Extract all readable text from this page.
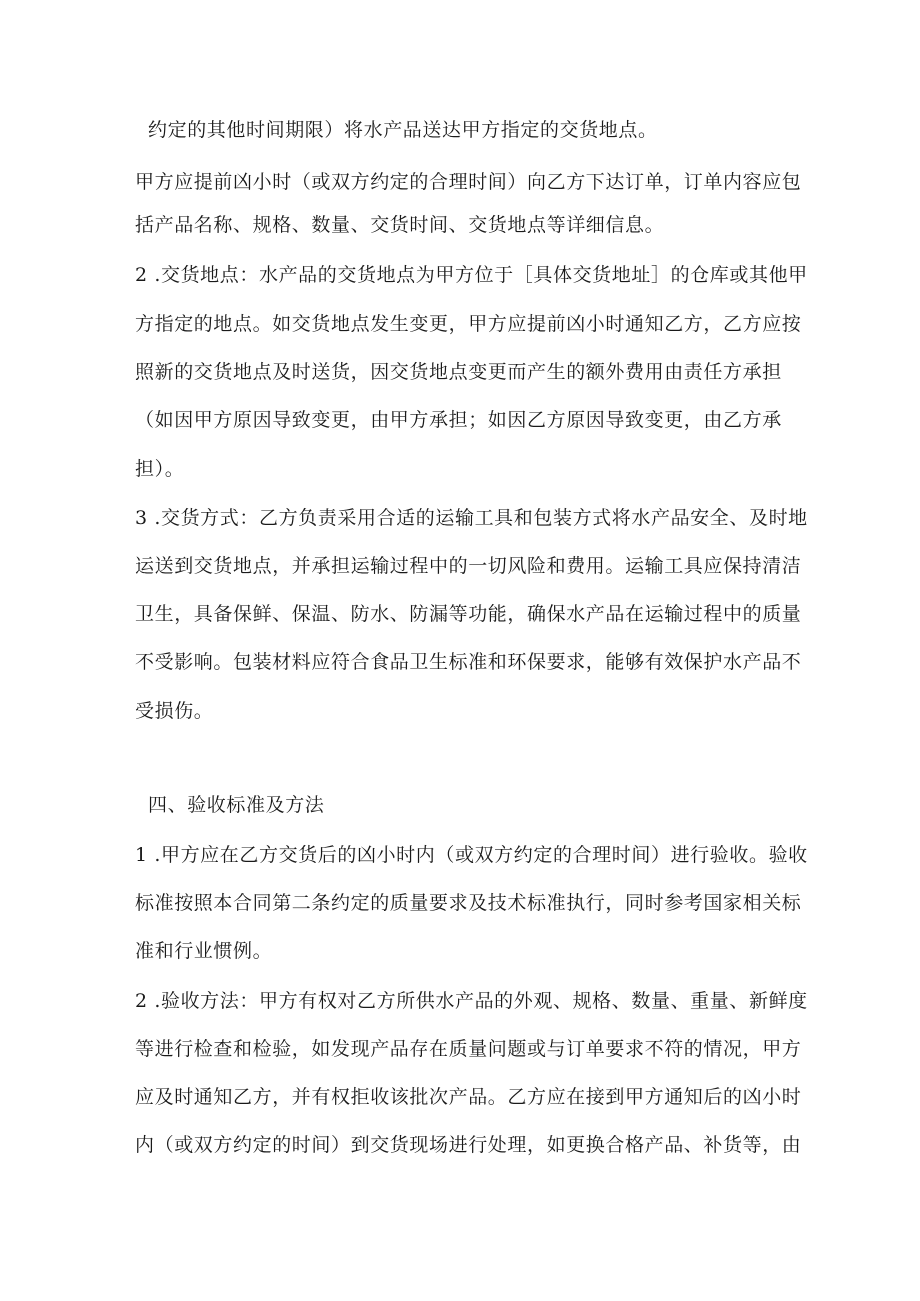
约定的其他时间期限）将水产品送达甲方指定的交货地点。
甲方应提前凶小时（或双方约定的合理时间）向乙方下达订单，订单内容应包
括产品名称、规格、数量、交货时间、交货地点等详细信息。
2 .交货地点：水产品的交货地点为甲方位于［具体交货地址］的仓库或其他甲
方指定的地点。如交货地点发生变更，甲方应提前凶小时通知乙方，乙方应按
照新的交货地点及时送货，因交货地点变更而产生的额外费用由责任方承担
（如因甲方原因导致变更，由甲方承担；如因乙方原因导致变更，由乙方承
担）。
3 .交货方式：乙方负责采用合适的运输工具和包装方式将水产品安全、及时地
运送到交货地点，并承担运输过程中的一切风险和费用。运输工具应保持清洁
卫生，具备保鲜、保温、防水、防漏等功能，确保水产品在运输过程中的质量
不受影响。包装材料应符合食品卫生标准和环保要求，能够有效保护水产品不
受损伤。
四、验收标准及方法
1 .甲方应在乙方交货后的凶小时内（或双方约定的合理时间）进行验收。验收
标准按照本合同第二条约定的质量要求及技术标准执行，同时参考国家相关标
准和行业惯例。
2 .验收方法：甲方有权对乙方所供水产品的外观、规格、数量、重量、新鲜度
等进行检查和检验，如发现产品存在质量问题或与订单要求不符的情况，甲方
应及时通知乙方，并有权拒收该批次产品。乙方应在接到甲方通知后的凶小时
内（或双方约定的时间）到交货现场进行处理，如更换合格产品、补货等，由
